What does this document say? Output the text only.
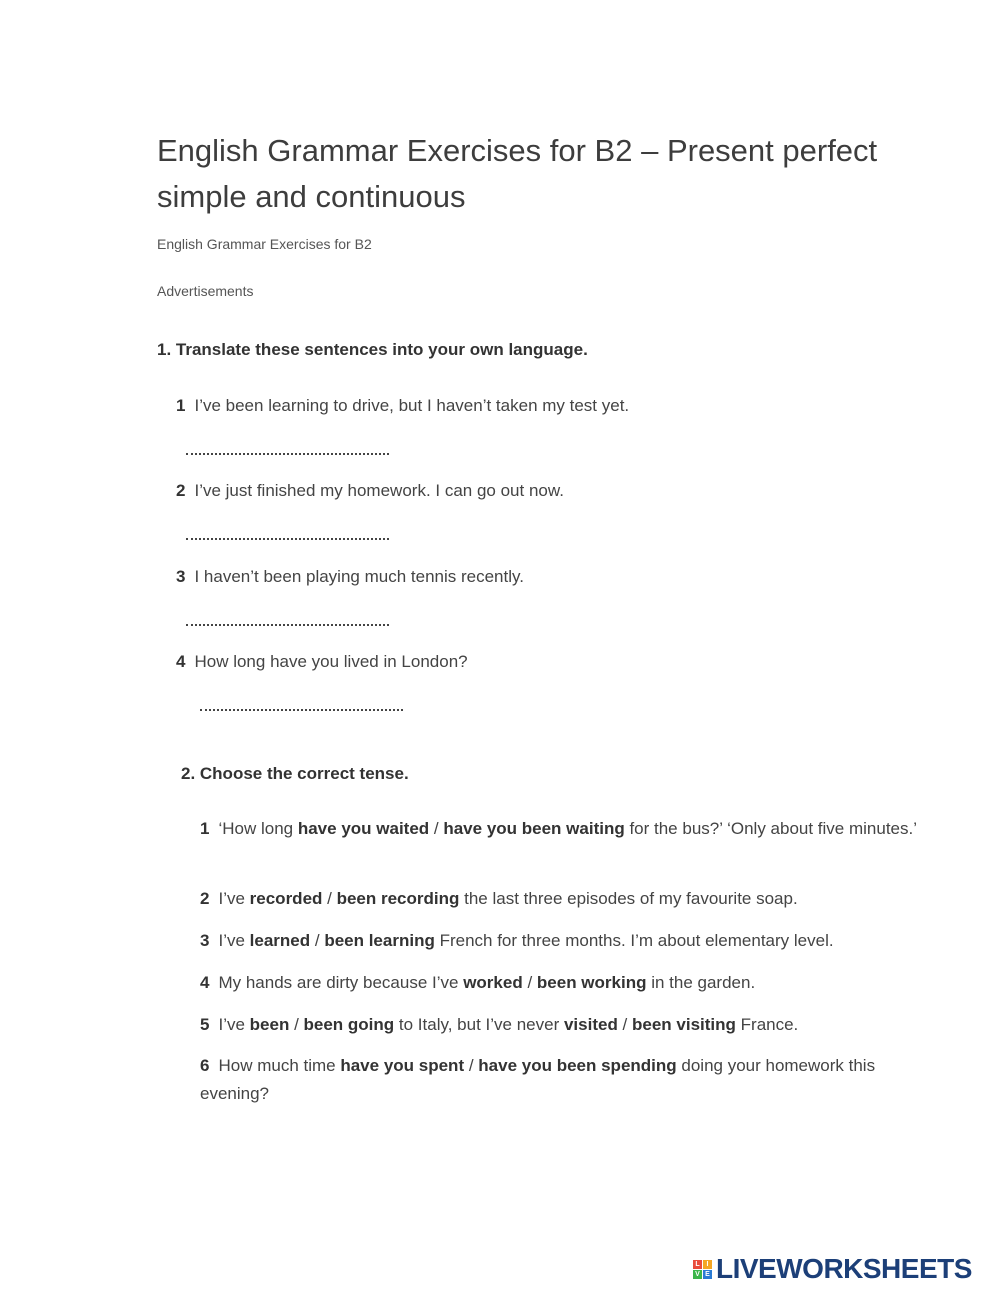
English Grammar Exercises for B2 – Present perfect simple and continuous
English Grammar Exercises for B2
Advertisements
1. Translate these sentences into your own language.
1 I’ve been learning to drive, but I haven’t taken my test yet.
2 I’ve just finished my homework. I can go out now.
3 I haven’t been playing much tennis recently.
4 How long have you lived in London?
2. Choose the correct tense.
1 ‘How long have you waited / have you been waiting for the bus?’ ‘Only about five minutes.’
2 I’ve recorded / been recording the last three episodes of my favourite soap.
3 I’ve learned / been learning French for three months. I’m about elementary level.
4 My hands are dirty because I’ve worked / been working in the garden.
5 I’ve been / been going to Italy, but I’ve never visited / been visiting France.
6 How much time have you spent / have you been spending doing your homework this evening?
L I
V E LIVEWORKSHEETS
